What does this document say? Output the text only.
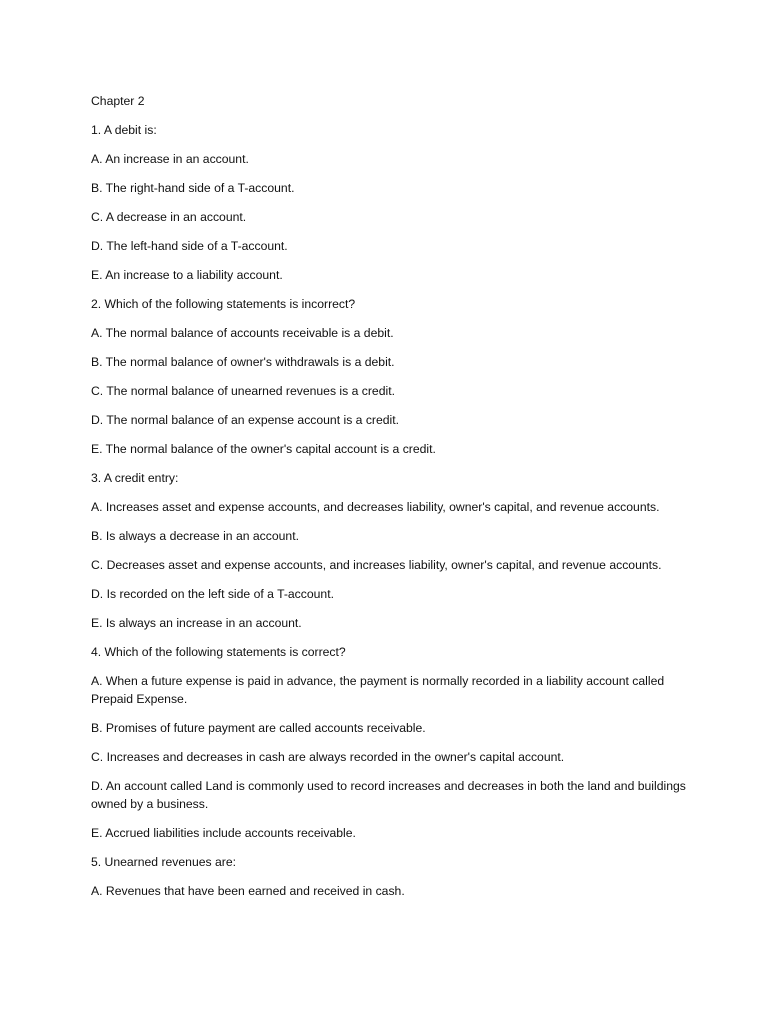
Chapter 2

1. A debit is:

A. An increase in an account.

B. The right-hand side of a T-account.

C. A decrease in an account.

D. The left-hand side of a T-account.

E. An increase to a liability account.

2. Which of the following statements is incorrect?

A. The normal balance of accounts receivable is a debit.

B. The normal balance of owner's withdrawals is a debit.

C. The normal balance of unearned revenues is a credit.

D. The normal balance of an expense account is a credit.

E. The normal balance of the owner's capital account is a credit.

3. A credit entry:

A. Increases asset and expense accounts, and decreases liability, owner's capital, and revenue accounts.

B. Is always a decrease in an account.

C. Decreases asset and expense accounts, and increases liability, owner's capital, and revenue accounts.

D. Is recorded on the left side of a T-account.

E. Is always an increase in an account.

4. Which of the following statements is correct?

A. When a future expense is paid in advance, the payment is normally recorded in a liability account called Prepaid Expense.

B. Promises of future payment are called accounts receivable.

C. Increases and decreases in cash are always recorded in the owner's capital account.

D. An account called Land is commonly used to record increases and decreases in both the land and buildings owned by a business.

E. Accrued liabilities include accounts receivable.

5. Unearned revenues are:

A. Revenues that have been earned and received in cash.
